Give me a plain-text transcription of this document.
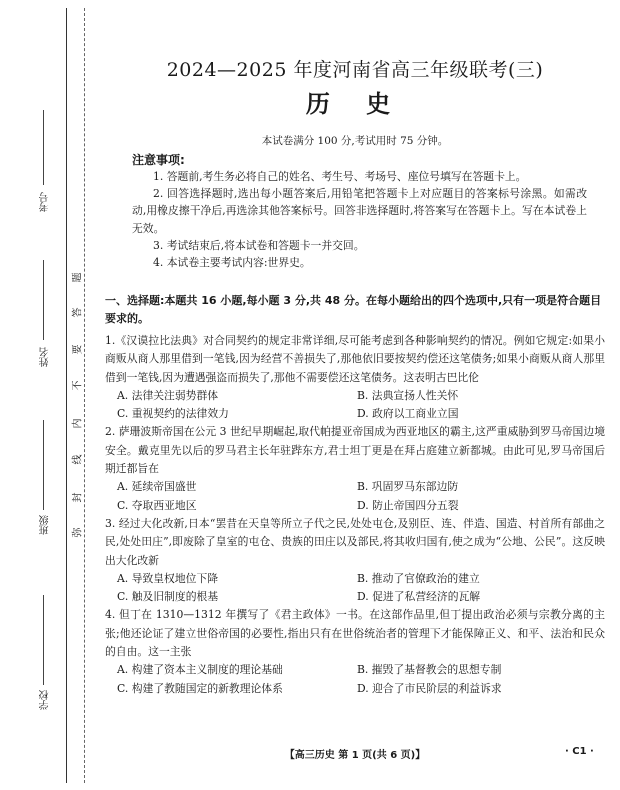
考号
姓名
班级
学校
题
答
要
不
内
线
封
弥
2024—2025 年度河南省高三年级联考(三)
历 史
本试卷满分 100 分,考试用时 75 分钟。
注意事项:

1. 答题前,考生务必将自己的姓名、考生号、考场号、座位号填写在答题卡上。

2. 回答选择题时,选出每小题答案后,用铅笔把答题卡上对应题目的答案标号涂黑。如需改动,用橡皮擦干净后,再选涂其他答案标号。回答非选择题时,将答案写在答题卡上。写在本试卷上无效。

3. 考试结束后,将本试卷和答题卡一并交回。

4. 本试卷主要考试内容:世界史。

一、选择题:本题共 16 小题,每小题 3 分,共 48 分。在每小题给出的四个选项中,只有一项是符合题目要求的。

1.《汉谟拉比法典》对合同契约的规定非常详细,尽可能考虑到各种影响契约的情况。例如它规定:如果小商贩从商人那里借到一笔钱,因为经营不善损失了,那他依旧要按契约偿还这笔债务;如果小商贩从商人那里借到一笔钱,因为遭遇强盗而损失了,那他不需要偿还这笔债务。这表明古巴比伦

A. 法律关注弱势群体	B. 法典宣扬人性关怀
C. 重视契约的法律效力	D. 政府以工商业立国

2. 萨珊波斯帝国在公元 3 世纪早期崛起,取代帕提亚帝国成为西亚地区的霸主,这严重威胁到罗马帝国边境安全。戴克里先以后的罗马君主长年驻跸东方,君士坦丁更是在拜占庭建立新都城。由此可见,罗马帝国后期迁都旨在

A. 延续帝国盛世	B. 巩固罗马东部边防
C. 夺取西亚地区	D. 防止帝国四分五裂

3. 经过大化改新,日本“罢昔在天皇等所立子代之民,处处屯仓,及别臣、连、伴造、国造、村首所有部曲之民,处处田庄”,即废除了皇室的屯仓、贵族的田庄以及部民,将其收归国有,使之成为“公地、公民”。这反映出大化改新

A. 导致皇权地位下降	B. 推动了官僚政治的建立
C. 触及旧制度的根基	D. 促进了私营经济的瓦解

4. 但丁在 1310—1312 年撰写了《君主政体》一书。在这部作品里,但丁提出政治必须与宗教分离的主张;他还论证了建立世俗帝国的必要性,指出只有在世俗统治者的管理下才能保障正义、和平、法治和民众的自由。这一主张

A. 构建了资本主义制度的理论基础	B. 摧毁了基督教会的思想专制
C. 构建了教随国定的新教理论体系	D. 迎合了市民阶层的利益诉求
【高三历史 第 1 页(共 6 页)】	· C1 ·
